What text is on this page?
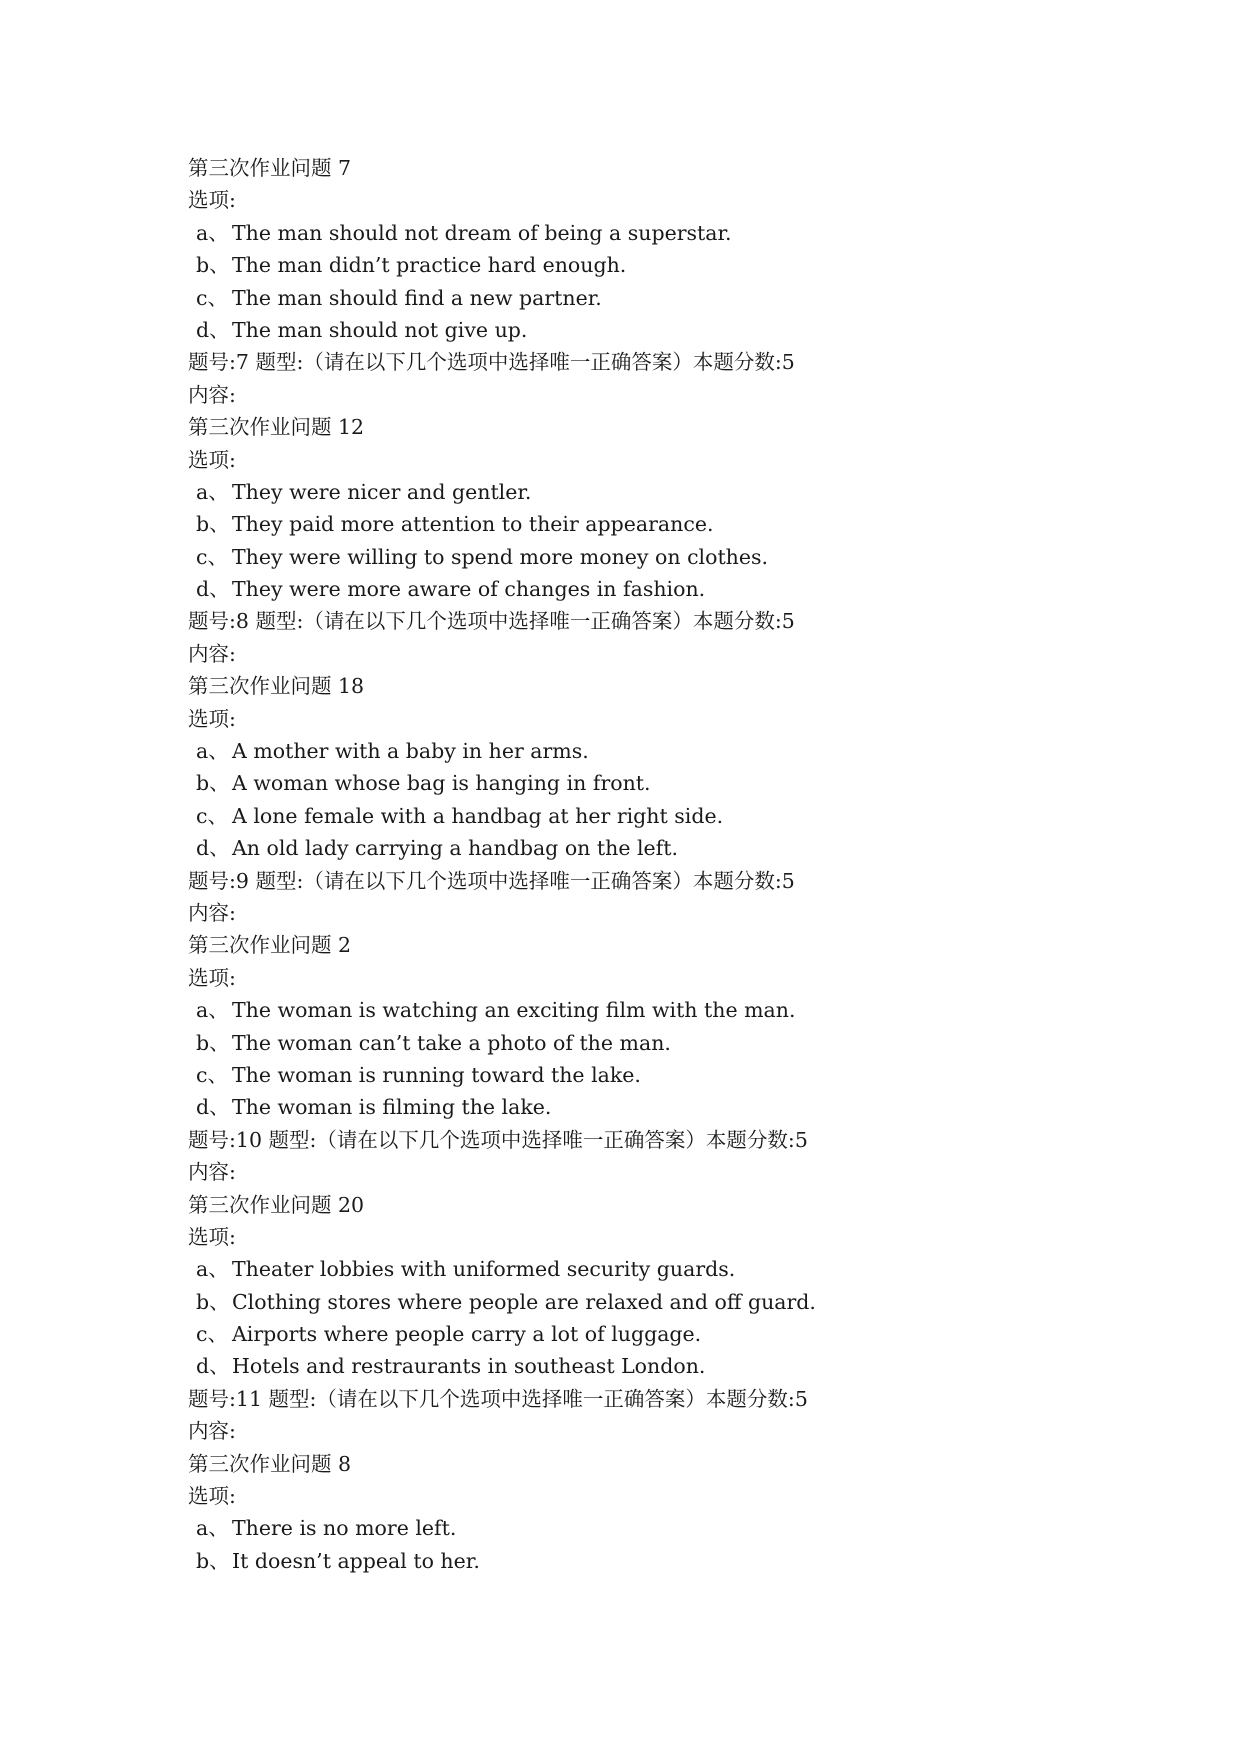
第三次作业问题 7
选项:
a、 The man should not dream of being a superstar.
b、 The man didn’t practice hard enough.
c、 The man should find a new partner.
d、 The man should not give up.
题号:7 题型:（请在以下几个选项中选择唯一正确答案）本题分数:5
内容:
第三次作业问题 12
选项:
a、 They were nicer and gentler.
b、 They paid more attention to their appearance.
c、 They were willing to spend more money on clothes.
d、 They were more aware of changes in fashion.
题号:8 题型:（请在以下几个选项中选择唯一正确答案）本题分数:5
内容:
第三次作业问题 18
选项:
a、 A mother with a baby in her arms.
b、 A woman whose bag is hanging in front.
c、 A lone female with a handbag at her right side.
d、 An old lady carrying a handbag on the left.
题号:9 题型:（请在以下几个选项中选择唯一正确答案）本题分数:5
内容:
第三次作业问题 2
选项:
a、 The woman is watching an exciting film with the man.
b、 The woman can’t take a photo of the man.
c、 The woman is running toward the lake.
d、 The woman is filming the lake.
题号:10 题型:（请在以下几个选项中选择唯一正确答案）本题分数:5
内容:
第三次作业问题 20
选项:
a、 Theater lobbies with uniformed security guards.
b、 Clothing stores where people are relaxed and off guard.
c、 Airports where people carry a lot of luggage.
d、 Hotels and restraurants in southeast London.
题号:11 题型:（请在以下几个选项中选择唯一正确答案）本题分数:5
内容:
第三次作业问题 8
选项:
a、 There is no more left.
b、 It doesn’t appeal to her.
